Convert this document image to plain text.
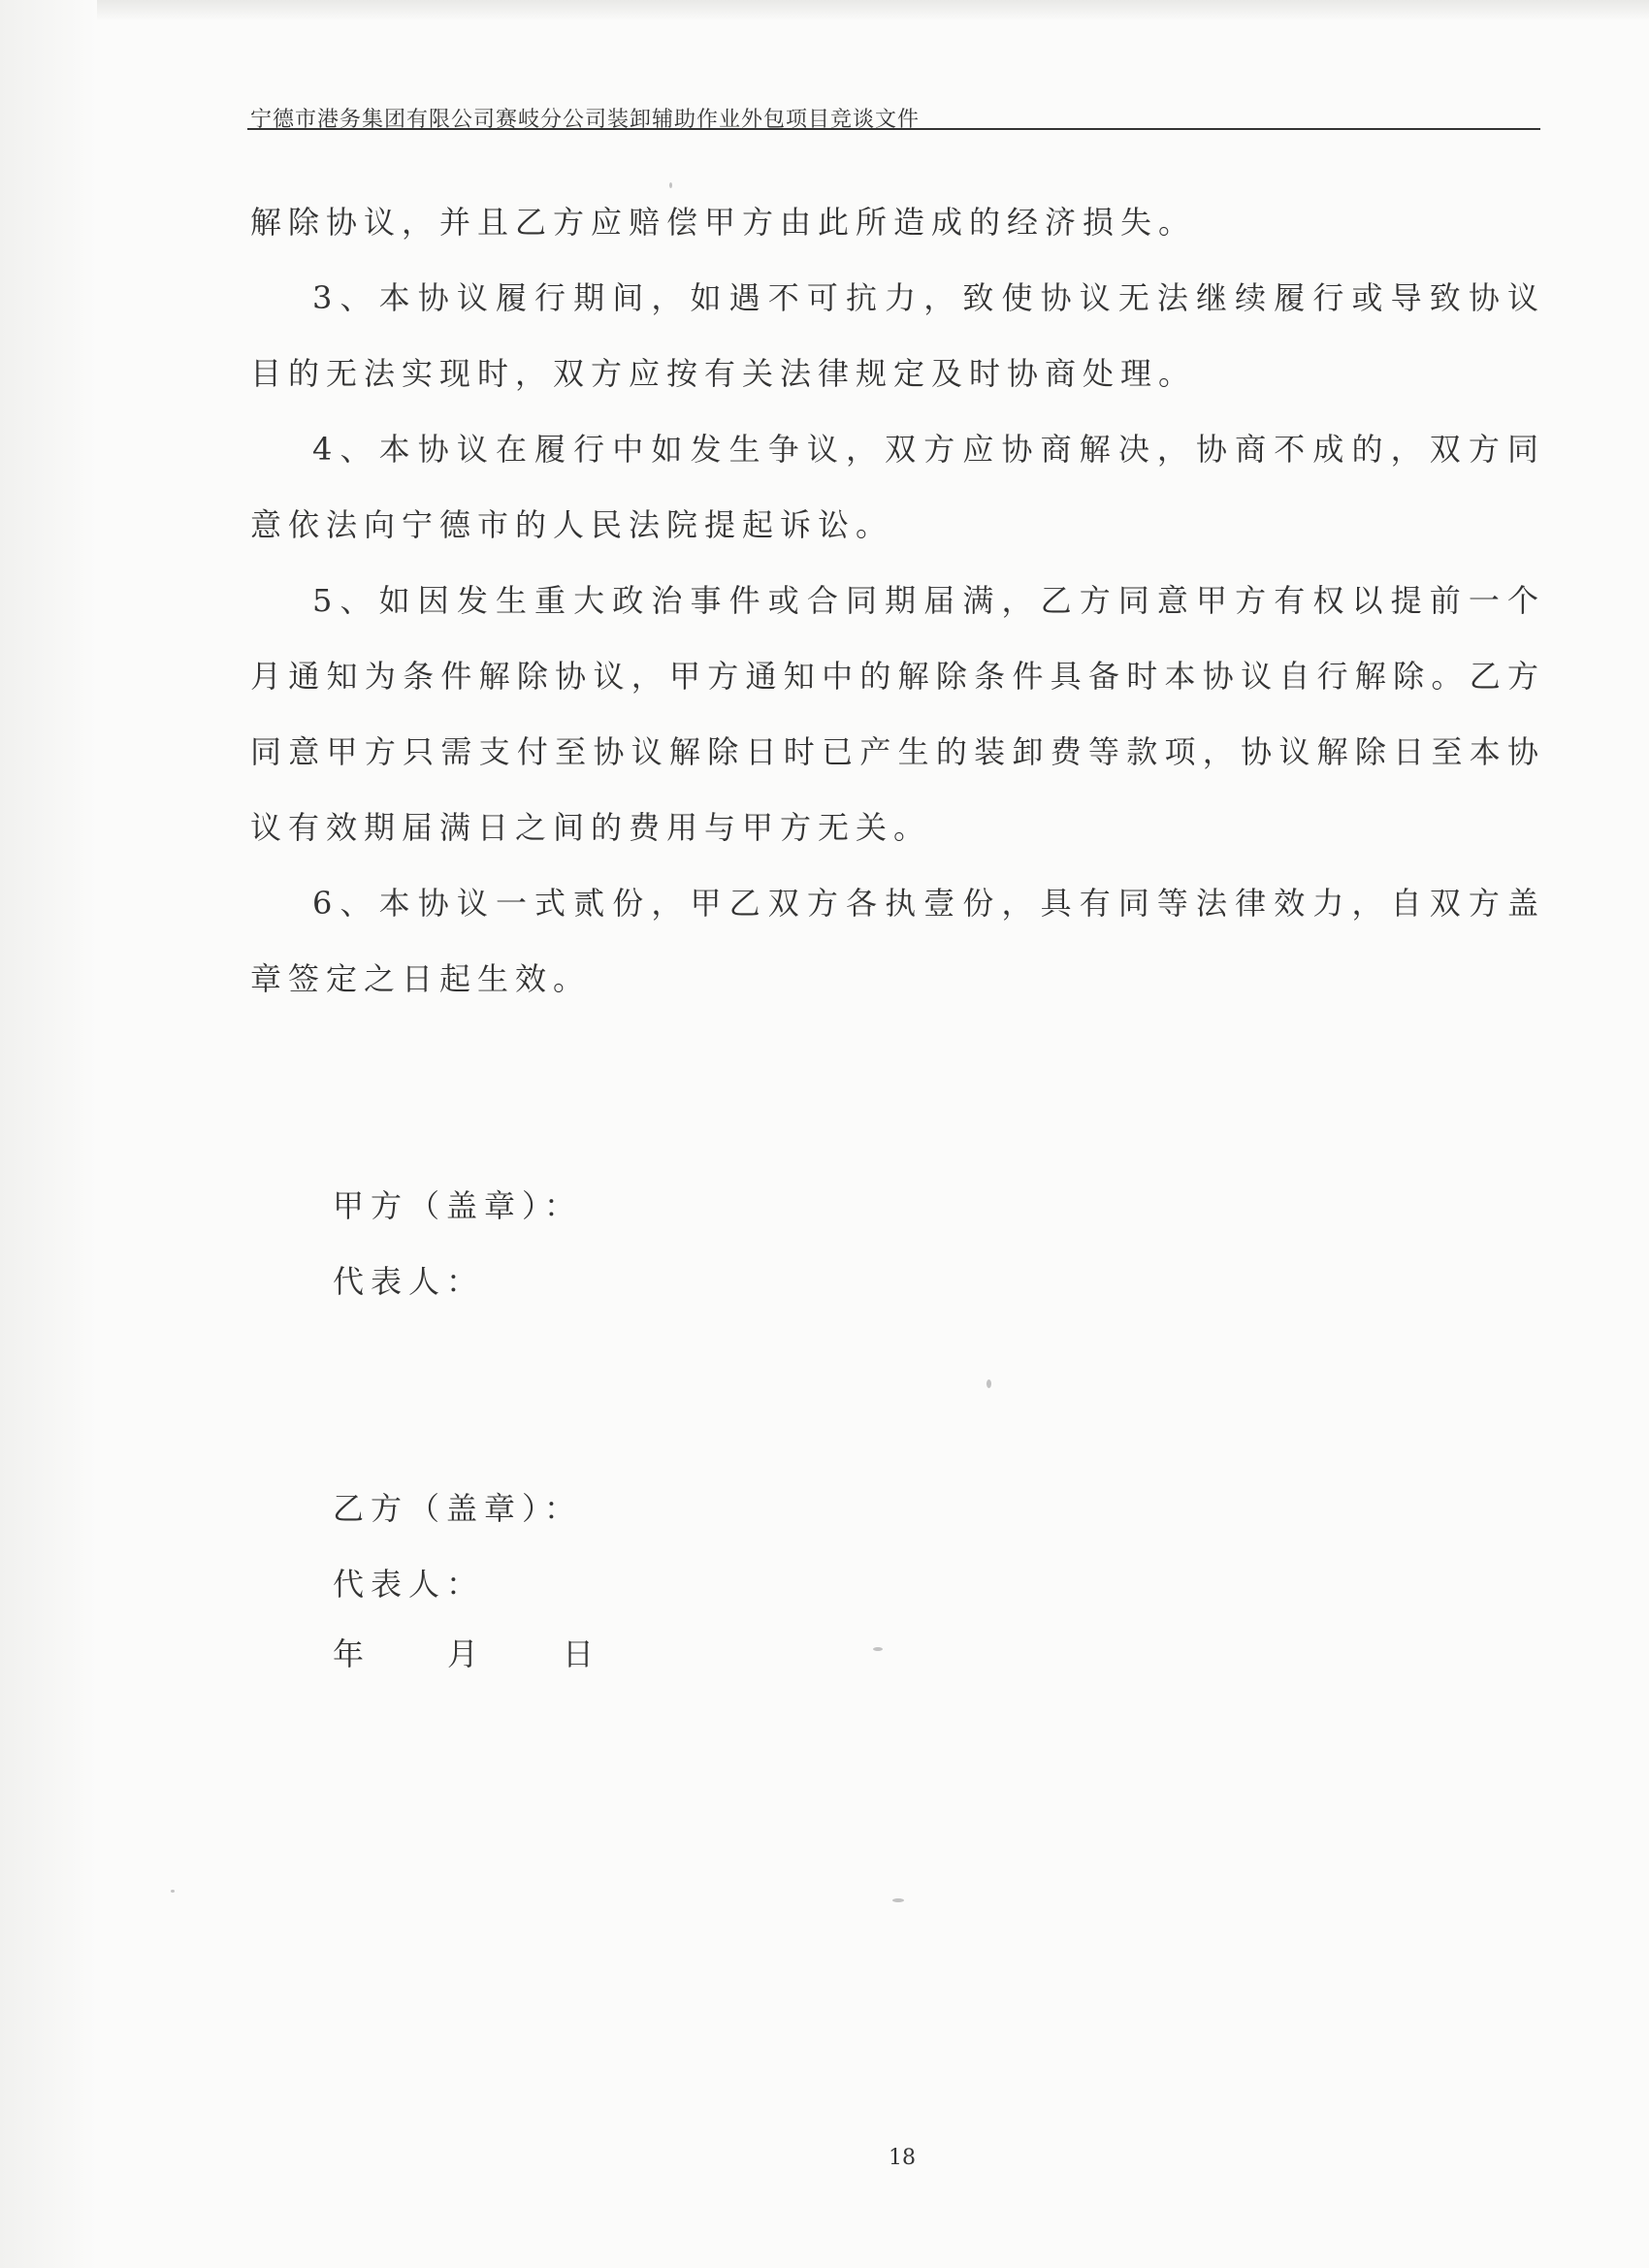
宁德市港务集团有限公司赛岐分公司装卸辅助作业外包项目竞谈文件

解除协议，并且乙方应赔偿甲方由此所造成的经济损失。

3、本协议履行期间，如遇不可抗力，致使协议无法继续履行或导致协议目的无法实现时，双方应按有关法律规定及时协商处理。

4、本协议在履行中如发生争议，双方应协商解决，协商不成的，双方同意依法向宁德市的人民法院提起诉讼。

5、如因发生重大政治事件或合同期届满，乙方同意甲方有权以提前一个月通知为条件解除协议，甲方通知中的解除条件具备时本协议自行解除。乙方同意甲方只需支付至协议解除日时已产生的装卸费等款项，协议解除日至本协议有效期届满日之间的费用与甲方无关。

6、本协议一式贰份，甲乙双方各执壹份，具有同等法律效力，自双方盖章签定之日起生效。

甲方（盖章）：
代表人：
乙方（盖章）：
代表人：
年	月	日
18
